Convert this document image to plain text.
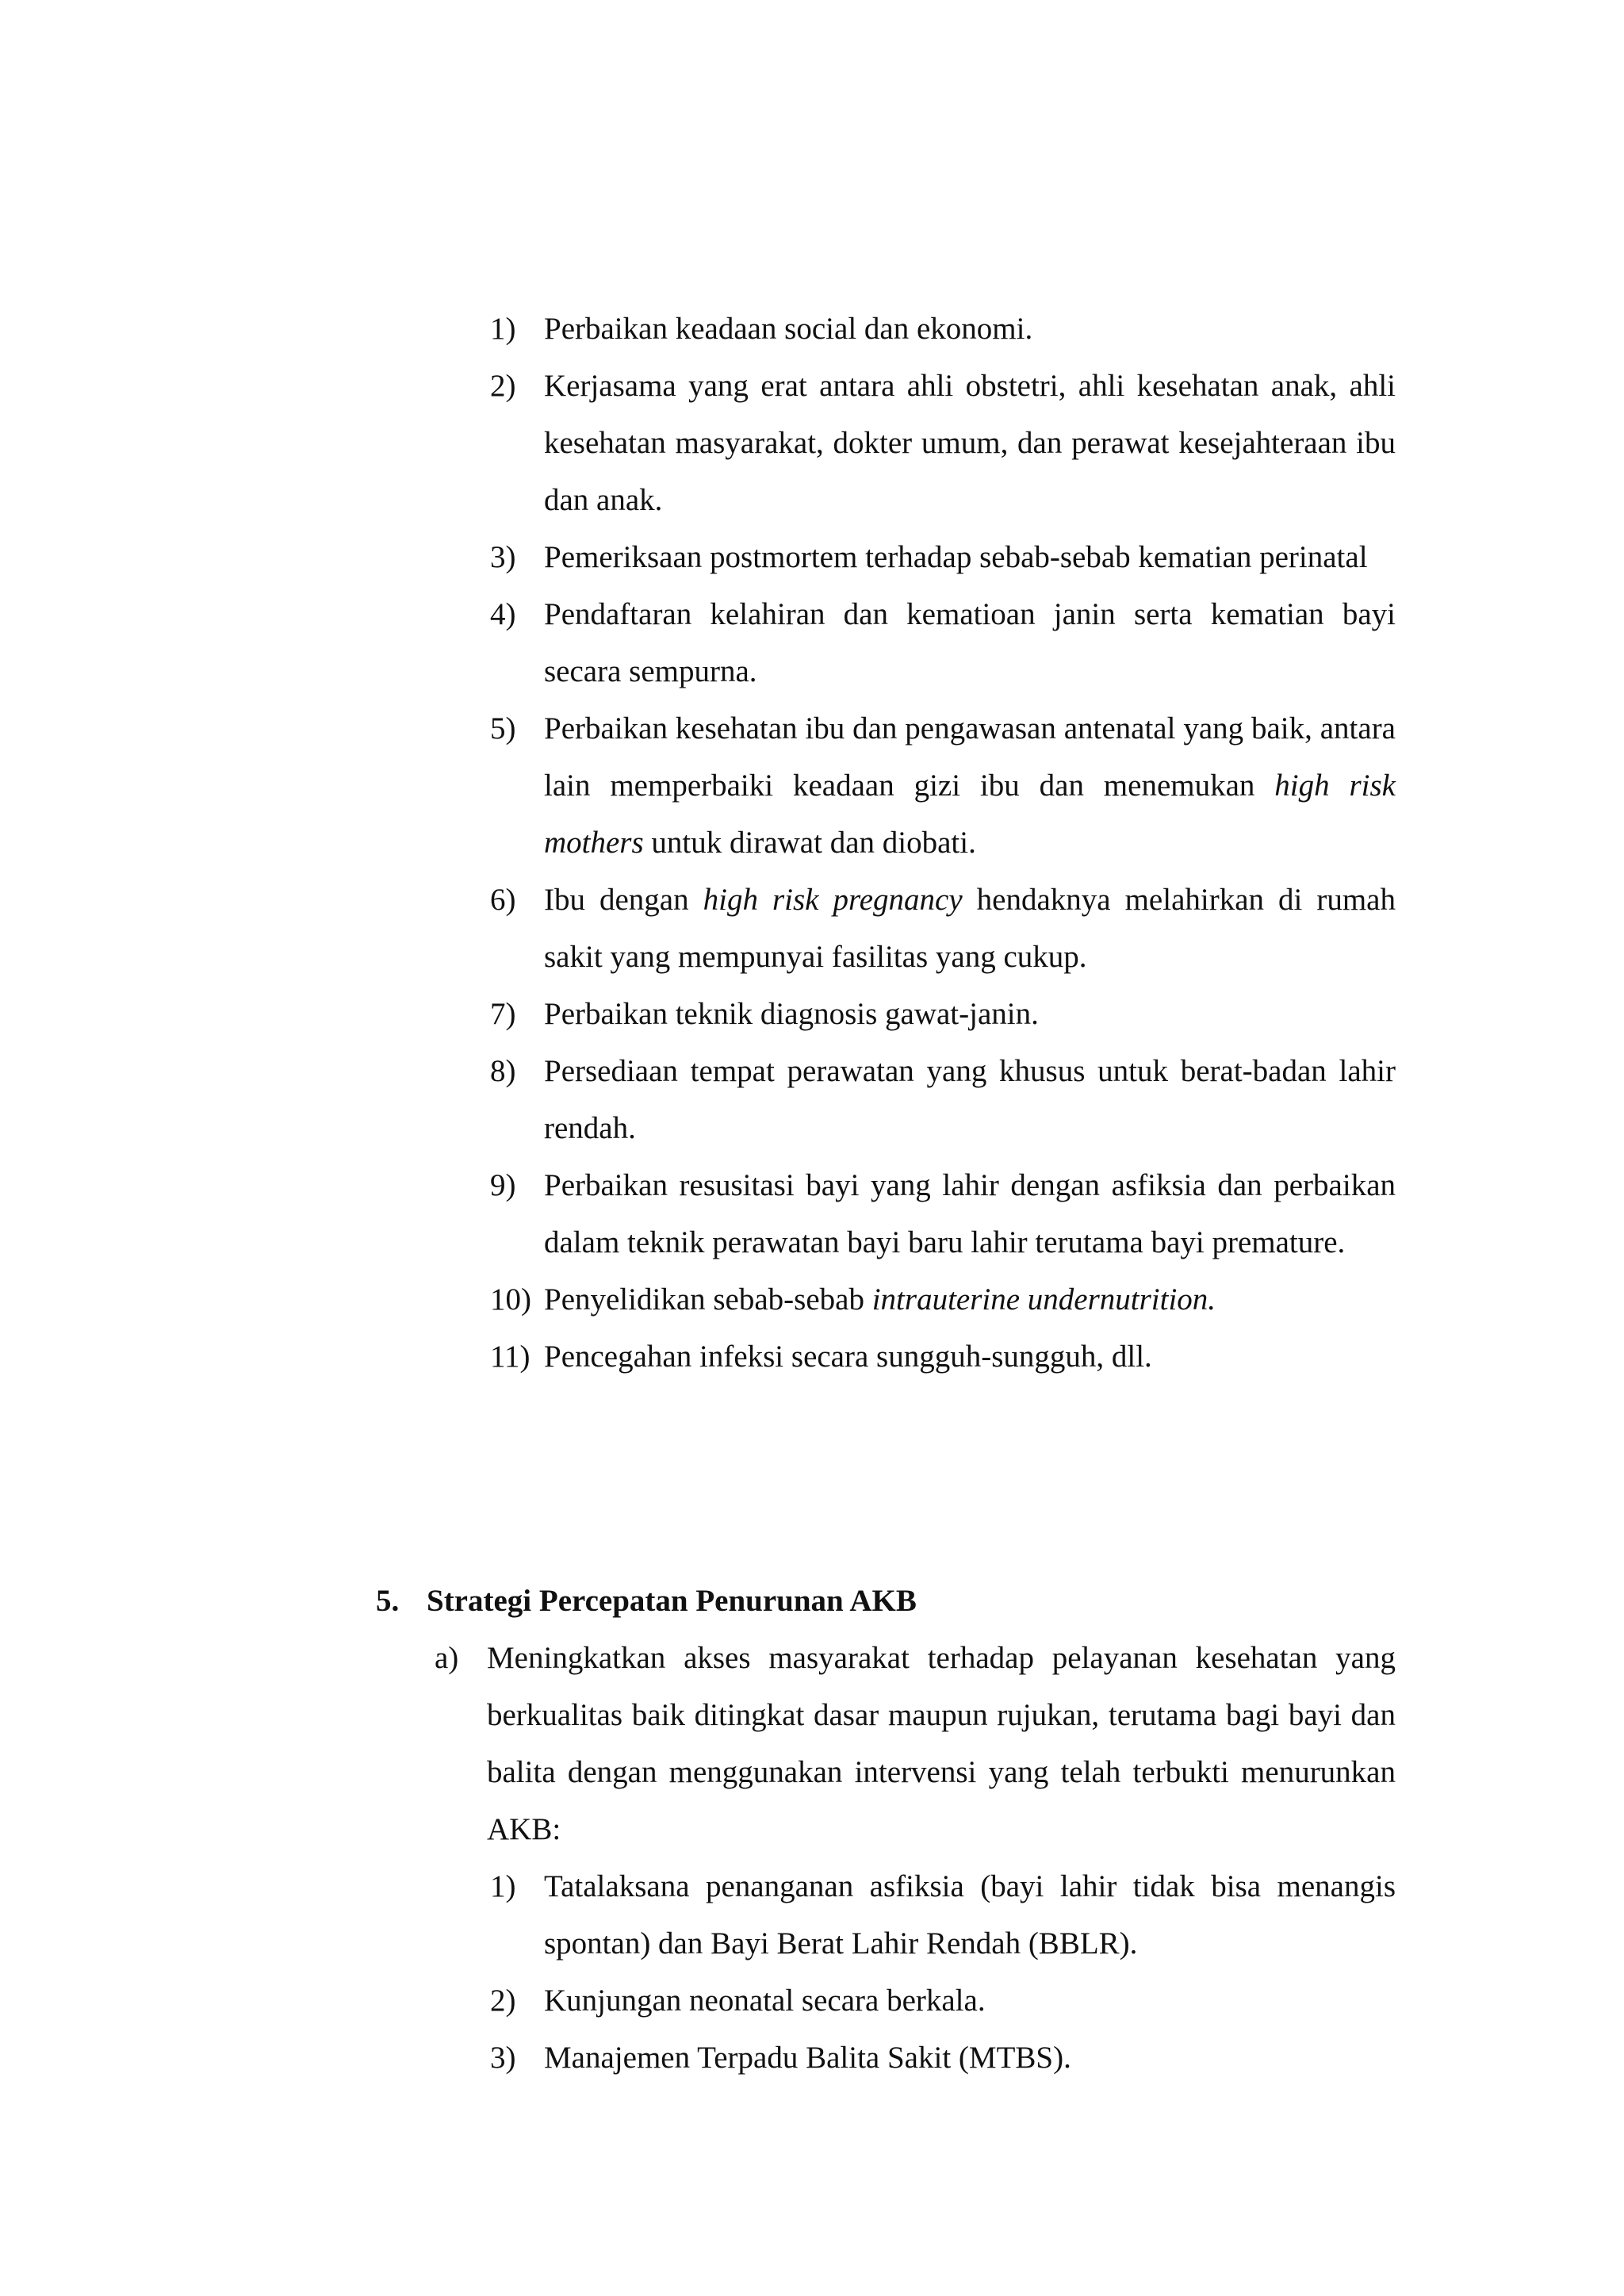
1) Perbaikan keadaan social dan ekonomi.
2) Kerjasama yang erat antara ahli obstetri, ahli kesehatan anak, ahli kesehatan masyarakat, dokter umum, dan perawat kesejahteraan ibu dan anak.
3) Pemeriksaan postmortem terhadap sebab-sebab kematian perinatal
4) Pendaftaran kelahiran dan kematioan janin serta kematian bayi secara sempurna.
5) Perbaikan kesehatan ibu dan pengawasan antenatal yang baik, antara lain memperbaiki keadaan gizi ibu dan menemukan high risk mothers untuk dirawat dan diobati.
6) Ibu dengan high risk pregnancy hendaknya melahirkan di rumah sakit yang mempunyai fasilitas yang cukup.
7) Perbaikan teknik diagnosis gawat-janin.
8) Persediaan tempat perawatan yang khusus untuk berat-badan lahir rendah.
9) Perbaikan resusitasi bayi yang lahir dengan asfiksia dan perbaikan dalam teknik perawatan bayi baru lahir terutama bayi premature.
10) Penyelidikan sebab-sebab intrauterine undernutrition.
11) Pencegahan infeksi secara sungguh-sungguh, dll.
5. Strategi Percepatan Penurunan AKB
a) Meningkatkan akses masyarakat terhadap pelayanan kesehatan yang berkualitas baik ditingkat dasar maupun rujukan, terutama bagi bayi dan balita dengan menggunakan intervensi yang telah terbukti menurunkan AKB:
1) Tatalaksana penanganan asfiksia (bayi lahir tidak bisa menangis spontan) dan Bayi Berat Lahir Rendah (BBLR).
2) Kunjungan neonatal secara berkala.
3) Manajemen Terpadu Balita Sakit (MTBS).
